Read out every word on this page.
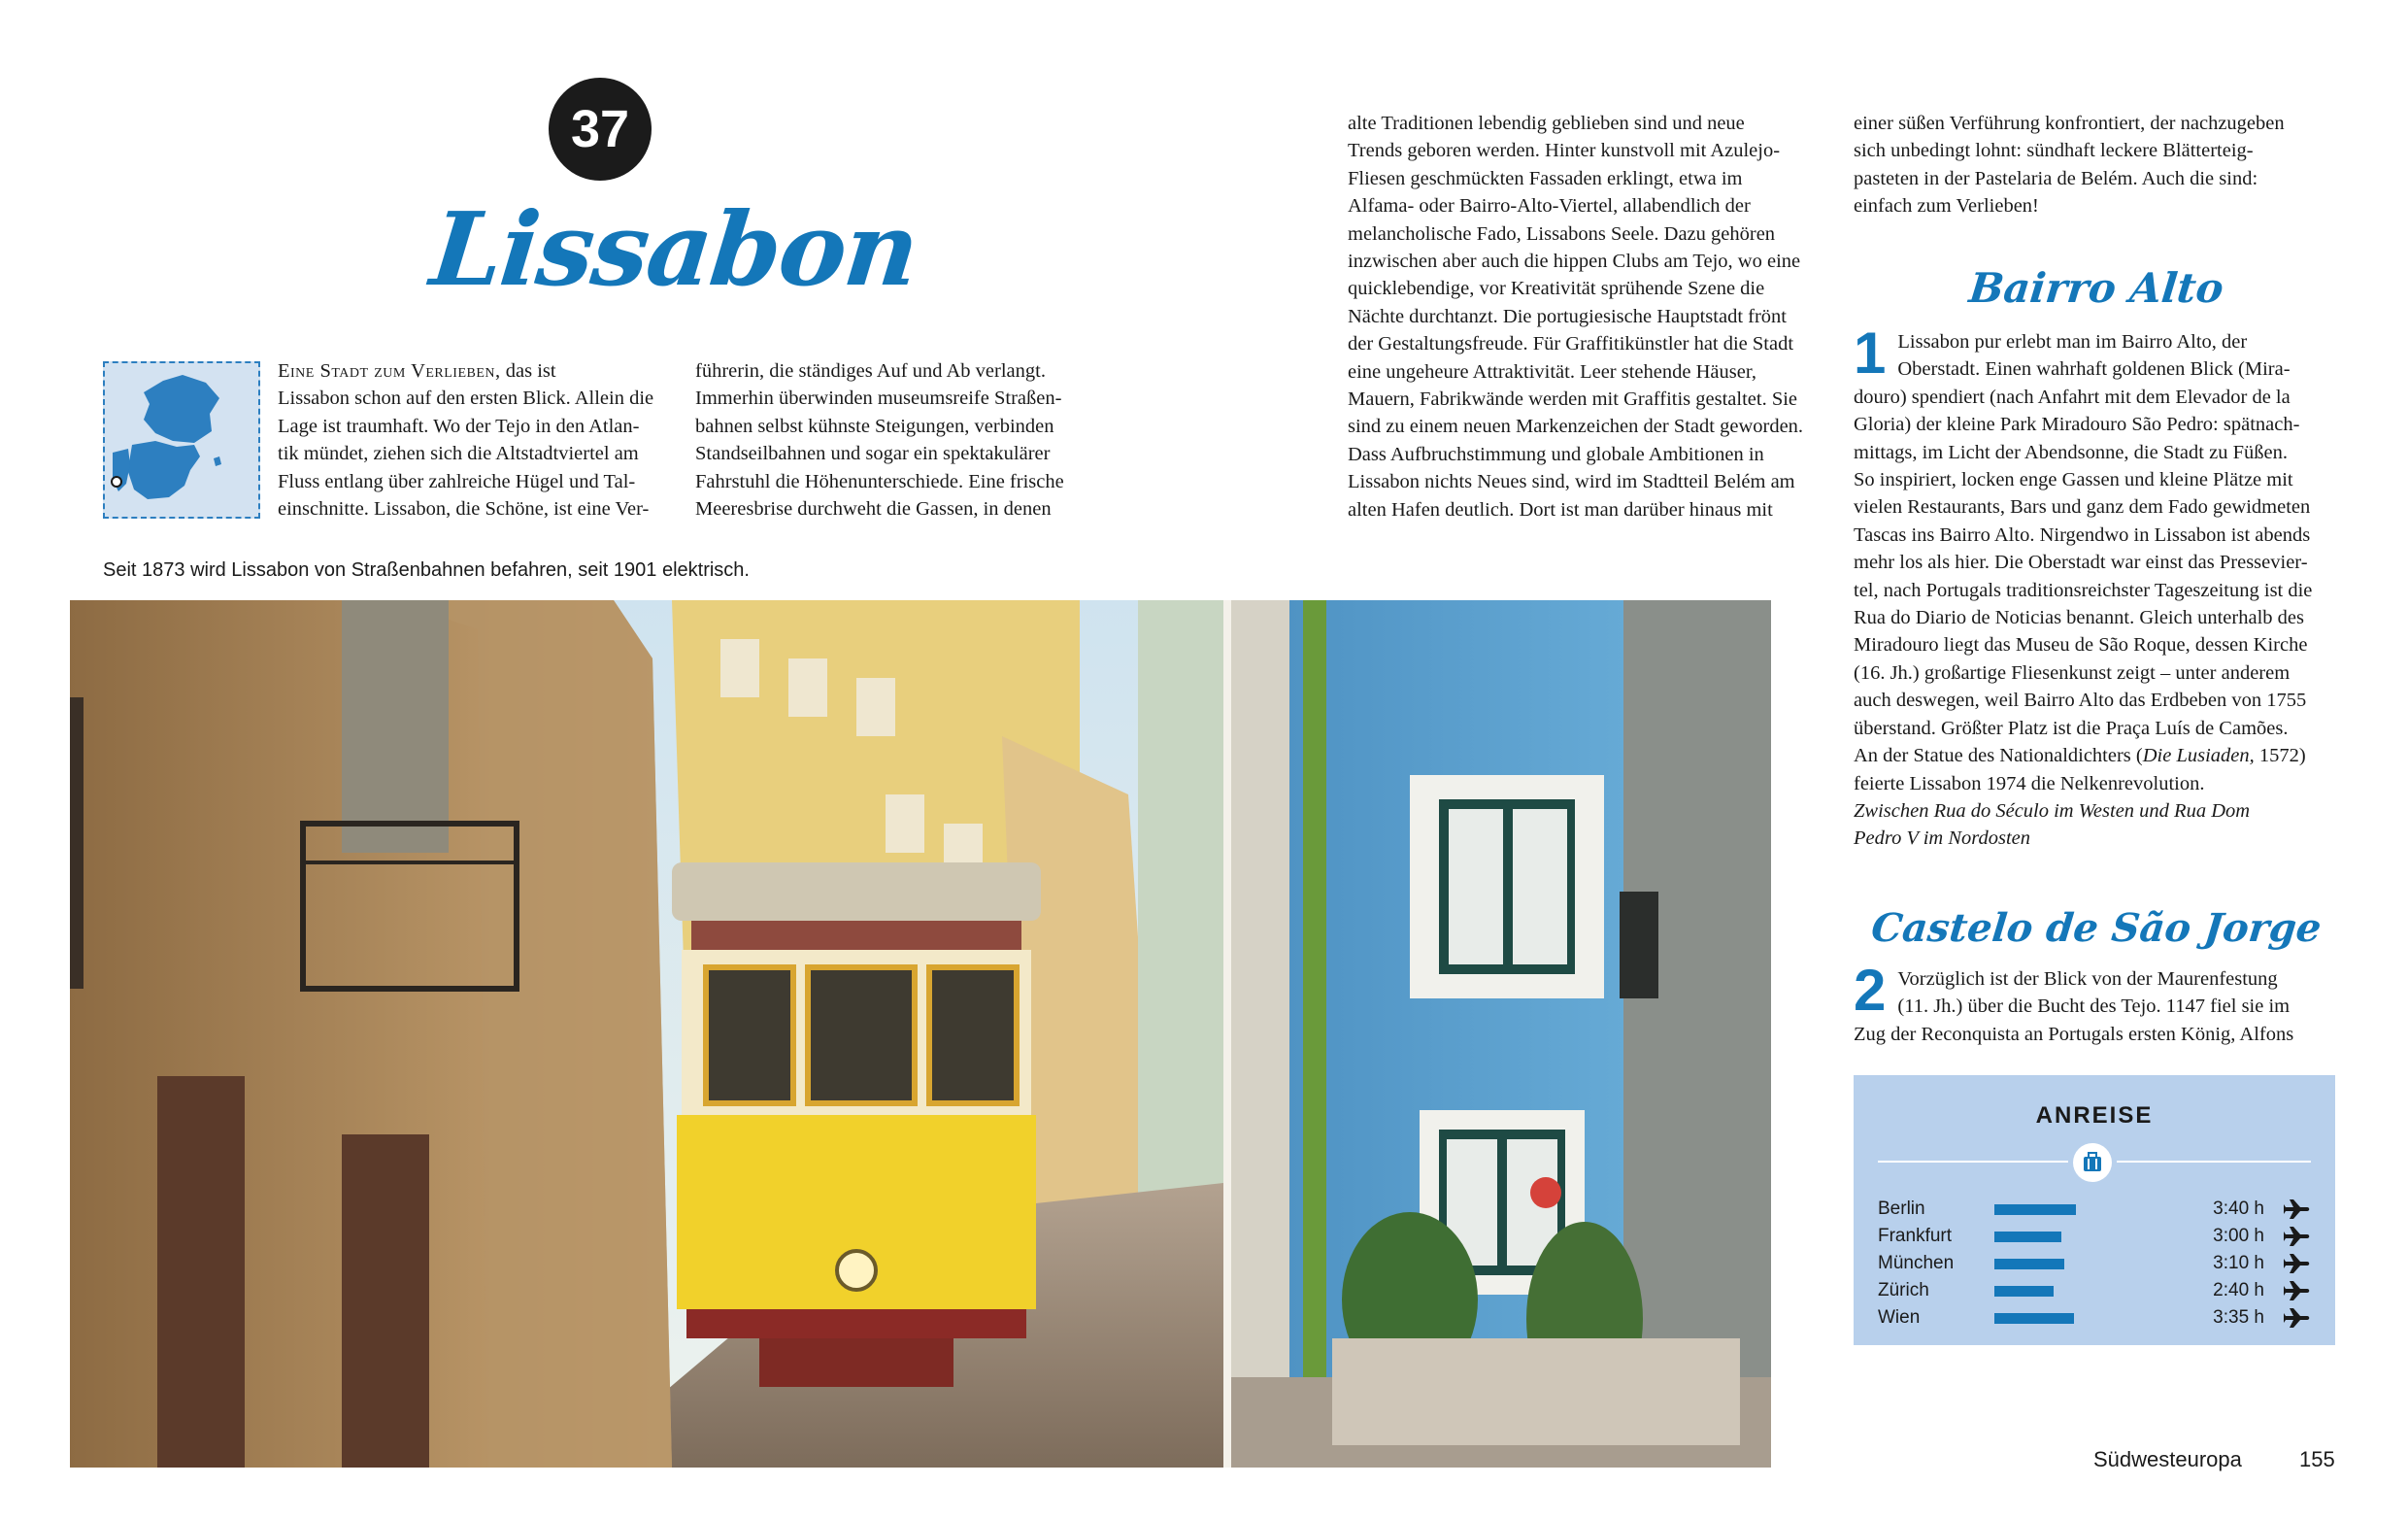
37
Lissabon
Eine Stadt zum Verlieben, das ist
Lissabon schon auf den ersten Blick. Allein die
Lage ist traumhaft. Wo der Tejo in den Atlan-
tik mündet, ziehen sich die Altstadtviertel am
Fluss entlang über zahlreiche Hügel und Tal-
einschnitte. Lissabon, die Schöne, ist eine Ver-
führerin, die ständiges Auf und Ab verlangt.
Immerhin überwinden museumsreife Straßen-
bahnen selbst kühnste Steigungen, verbinden
Standseilbahnen und sogar ein spektakulärer
Fahrstuhl die Höhenunterschiede. Eine frische
Meeresbrise durchweht die Gassen, in denen
alte Traditionen lebendig geblieben sind und neue
Trends geboren werden. Hinter kunstvoll mit Azulejo-
Fliesen geschmückten Fassaden erklingt, etwa im
Alfama- oder Bairro-Alto-Viertel, allabendlich der
melancholische Fado, Lissabons Seele. Dazu gehören
inzwischen aber auch die hippen Clubs am Tejo, wo eine
quicklebendige, vor Kreativität sprühende Szene die
Nächte durchtanzt. Die portugiesische Hauptstadt frönt
der Gestaltungsfreude. Für Graffitikünstler hat die Stadt
eine ungeheure Attraktivität. Leer stehende Häuser,
Mauern, Fabrikwände werden mit Graffitis gestaltet. Sie
sind zu einem neuen Markenzeichen der Stadt geworden.
Dass Aufbruchstimmung und globale Ambitionen in
Lissabon nichts Neues sind, wird im Stadtteil Belém am
alten Hafen deutlich. Dort ist man darüber hinaus mit
einer süßen Verführung konfrontiert, der nachzugeben
sich unbedingt lohnt: sündhaft leckere Blätterteig-
pasteten in der Pastelaria de Belém. Auch die sind:
einfach zum Verlieben!
Seit 1873 wird Lissabon von Straßenbahnen befahren, seit 1901 elektrisch.
Bairro Alto
1 Lissabon pur erlebt man im Bairro Alto, der
Oberstadt. Einen wahrhaft goldenen Blick (Mira-
douro) spendiert (nach Anfahrt mit dem Elevador de la
Gloria) der kleine Park Miradouro São Pedro: spätnach-
mittags, im Licht der Abendsonne, die Stadt zu Füßen.
So inspiriert, locken enge Gassen und kleine Plätze mit
vielen Restaurants, Bars und ganz dem Fado gewidmeten
Tascas ins Bairro Alto. Nirgendwo in Lissabon ist abends
mehr los als hier. Die Oberstadt war einst das Pressevier-
tel, nach Portugals traditionsreichster Tageszeitung ist die
Rua do Diario de Noticias benannt. Gleich unterhalb des
Miradouro liegt das Museu de São Roque, dessen Kirche
(16. Jh.) großartige Fliesenkunst zeigt – unter anderem
auch deswegen, weil Bairro Alto das Erdbeben von 1755
überstand. Größter Platz ist die Praça Luís de Camões.
An der Statue des Nationaldichters (Die Lusiaden, 1572)
feierte Lissabon 1974 die Nelkenrevolution.
Zwischen Rua do Século im Westen und Rua Dom
Pedro V im Nordosten
Castelo de São Jorge
2 Vorzüglich ist der Blick von der Maurenfestung
(11. Jh.) über die Bucht des Tejo. 1147 fiel sie im
Zug der Reconquista an Portugals ersten König, Alfons
ANREISE
Berlin	3:40 h
Frankfurt	3:00 h
München	3:10 h
Zürich	2:40 h
Wien	3:35 h
Südwesteuropa	155
